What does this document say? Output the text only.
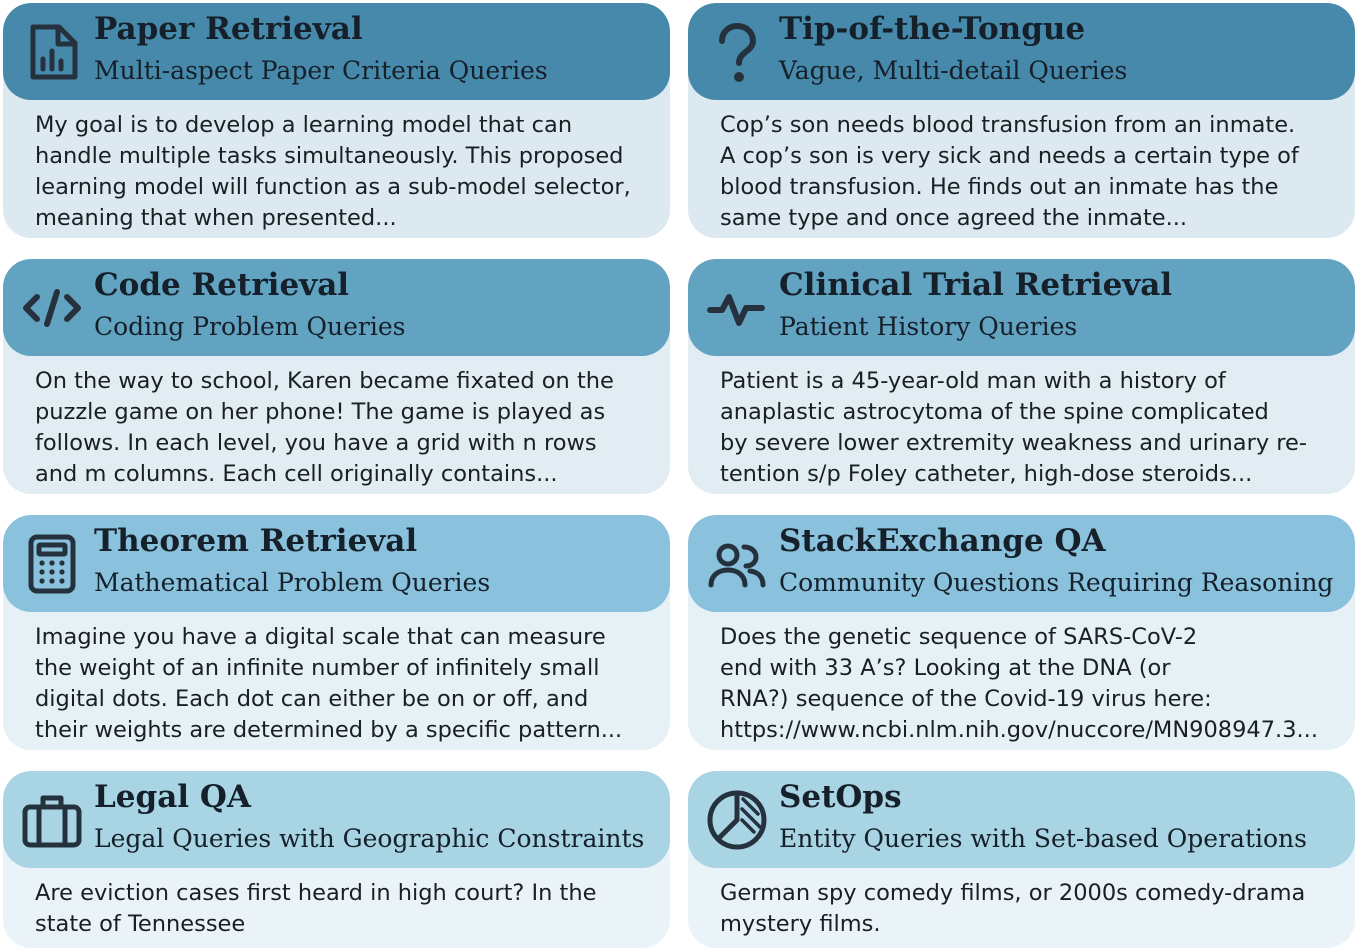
Paper Retrieval
Multi-aspect Paper Criteria Queries
My goal is to develop a learning model that can
handle multiple tasks simultaneously. This proposed
learning model will function as a sub-model selector,
meaning that when presented...
Tip-of-the-Tongue
Vague, Multi-detail Queries
Cop’s son needs blood transfusion from an inmate.
A cop’s son is very sick and needs a certain type of
blood transfusion. He finds out an inmate has the
same type and once agreed the inmate...
Code Retrieval
Coding Problem Queries
On the way to school, Karen became fixated on the
puzzle game on her phone! The game is played as
follows. In each level, you have a grid with n rows
and m columns. Each cell originally contains...
Clinical Trial Retrieval
Patient History Queries
Patient is a 45-year-old man with a history of
anaplastic astrocytoma of the spine complicated
by severe lower extremity weakness and urinary re-
tention s/p Foley catheter, high-dose steroids...
Theorem Retrieval
Mathematical Problem Queries
Imagine you have a digital scale that can measure
the weight of an infinite number of infinitely small
digital dots. Each dot can either be on or off, and
their weights are determined by a specific pattern...
StackExchange QA
Community Questions Requiring Reasoning
Does the genetic sequence of SARS-CoV-2
end with 33 A’s? Looking at the DNA (or
RNA?) sequence of the Covid-19 virus here:
https://www.ncbi.nlm.nih.gov/nuccore/MN908947.3...
Legal QA
Legal Queries with Geographic Constraints
Are eviction cases first heard in high court? In the
state of Tennessee
SetOps
Entity Queries with Set-based Operations
German spy comedy films, or 2000s comedy-drama
mystery films.
